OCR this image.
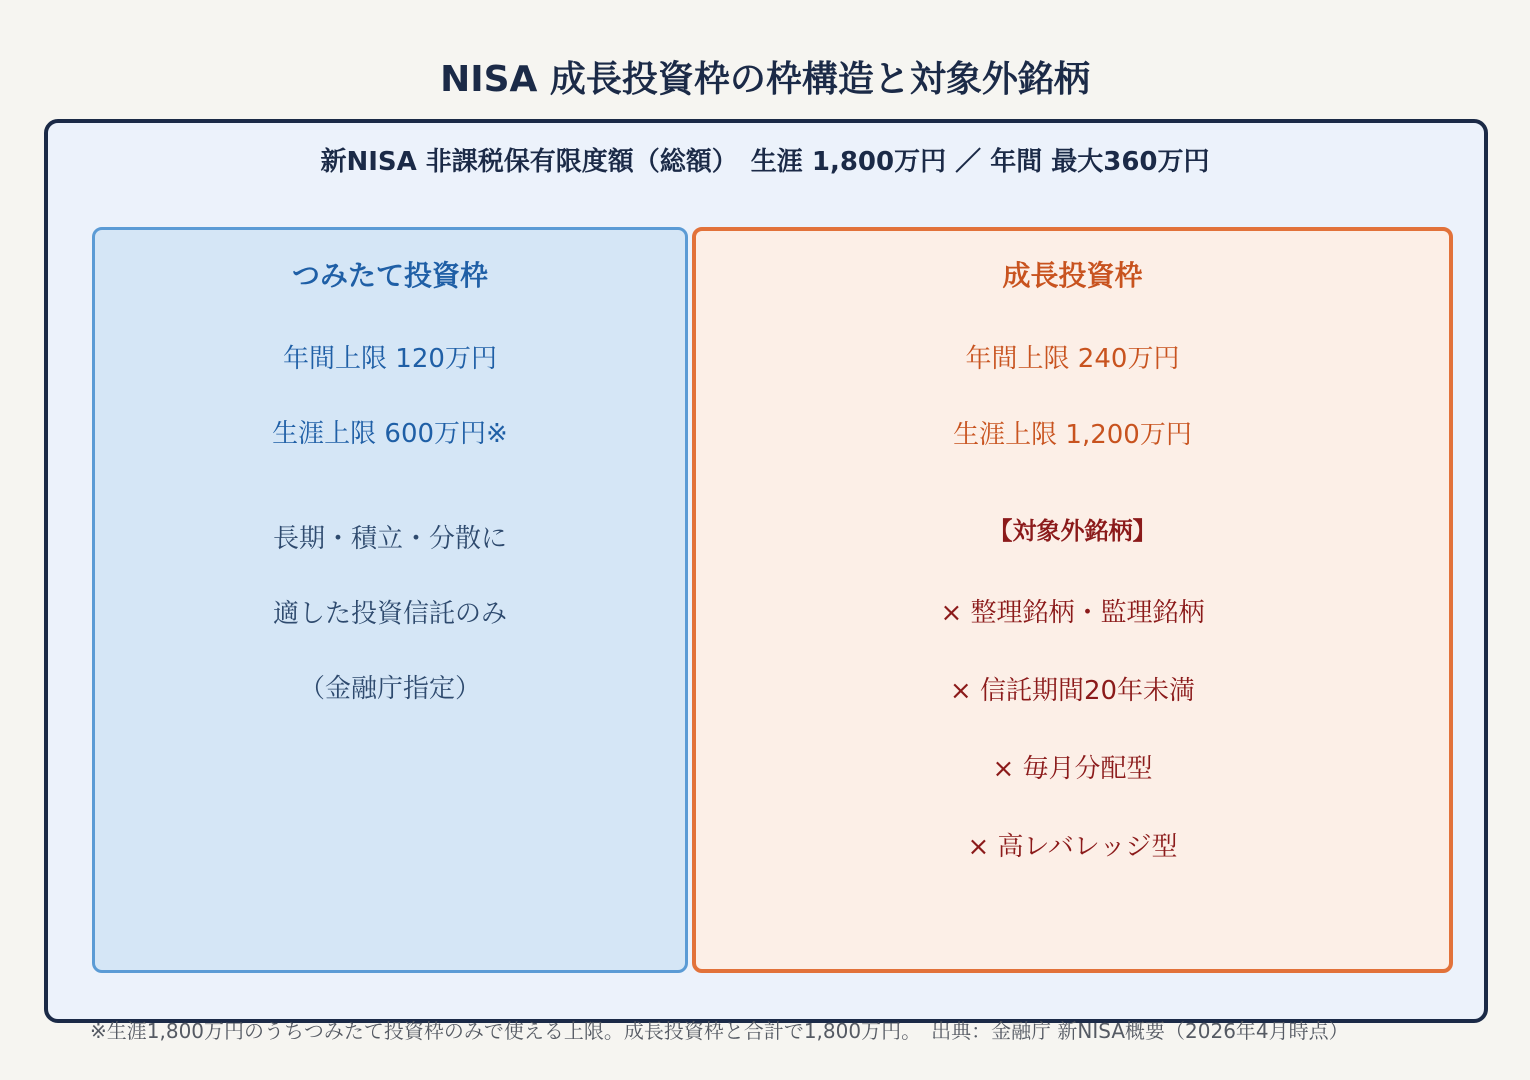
NISA 成長投資枠の枠構造と対象外銘柄
新NISA 非課税保有限度額（総額）　生涯 1,800万円 ／ 年間 最大360万円
つみたて投資枠
年間上限 120万円
生涯上限 600万円※
長期・積立・分散に
適した投資信託のみ
（金融庁指定）
成長投資枠
年間上限 240万円
生涯上限 1,200万円
【対象外銘柄】
× 整理銘柄・監理銘柄
× 信託期間20年未満
× 毎月分配型
× 高レバレッジ型
※生涯1,800万円のうちつみたて投資枠のみで使える上限。成長投資枠と合計で1,800万円。　出典：金融庁 新NISA概要（2026年4月時点）
